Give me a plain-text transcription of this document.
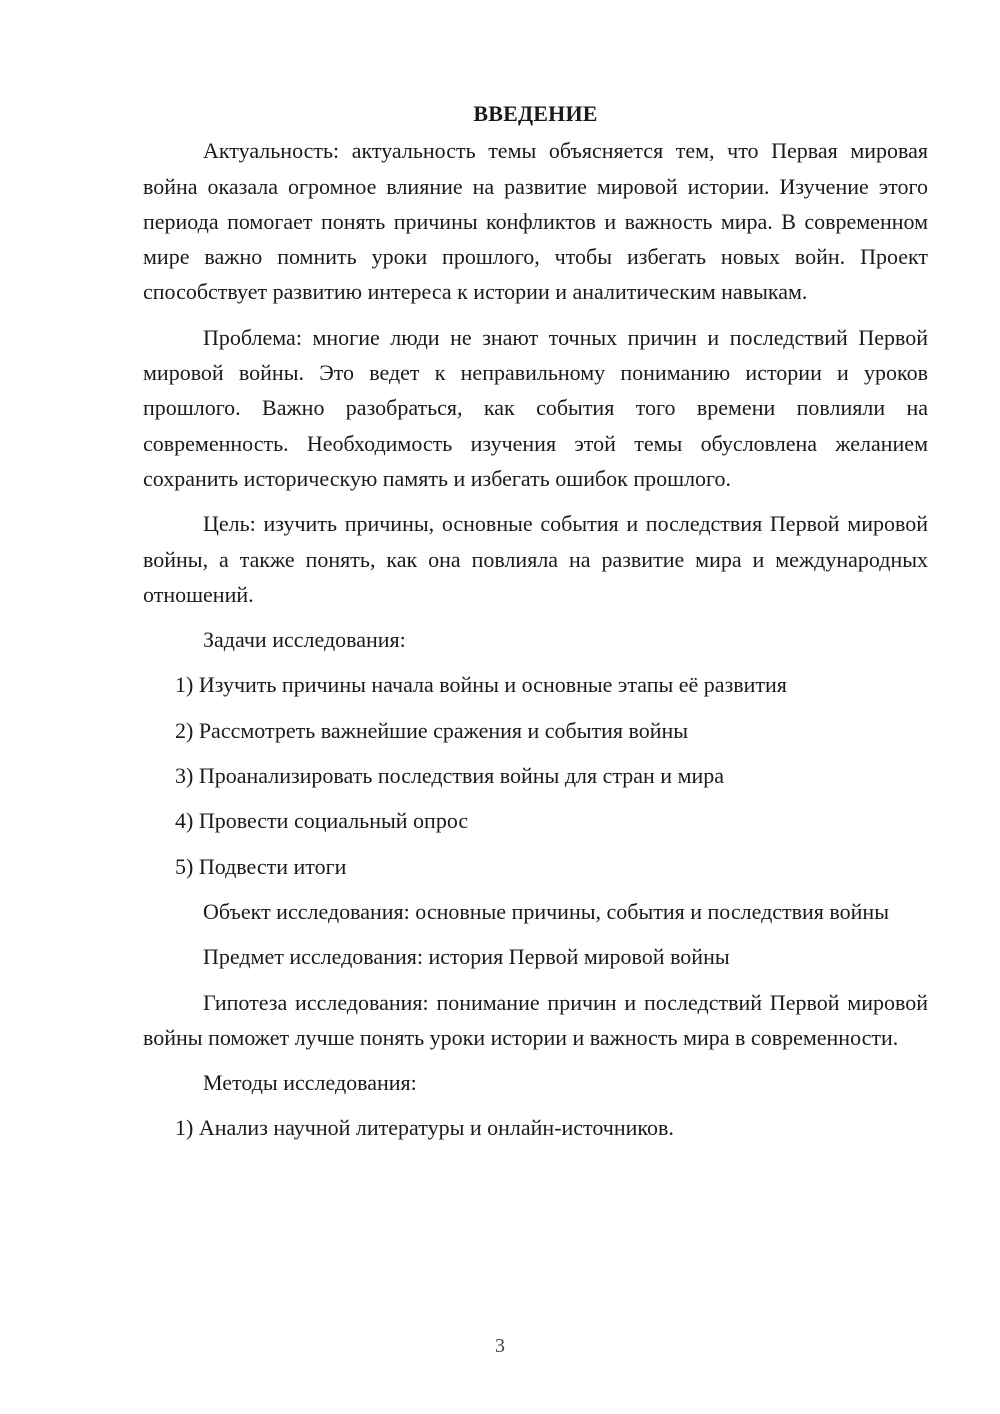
ВВЕДЕНИЕ

Актуальность: актуальность темы объясняется тем, что Первая мировая война оказала огромное влияние на развитие мировой истории. Изучение этого периода помогает понять причины конфликтов и важность мира. В современном мире важно помнить уроки прошлого, чтобы избегать новых войн. Проект способствует развитию интереса к истории и аналитическим навыкам.

Проблема: многие люди не знают точных причин и последствий Первой мировой войны. Это ведет к неправильному пониманию истории и уроков прошлого. Важно разобраться, как события того времени повлияли на современность. Необходимость изучения этой темы обусловлена желанием сохранить историческую память и избегать ошибок прошлого.

Цель: изучить причины, основные события и последствия Первой мировой войны, а также понять, как она повлияла на развитие мира и международных отношений.

Задачи исследования:

1) Изучить причины начала войны и основные этапы её развития
2) Рассмотреть важнейшие сражения и события войны
3) Проанализировать последствия войны для стран и мира
4) Провести социальный опрос
5) Подвести итоги

Объект исследования: основные причины, события и последствия войны

Предмет исследования: история Первой мировой войны

Гипотеза исследования: понимание причин и последствий Первой мировой войны поможет лучше понять уроки истории и важность мира в современности.

Методы исследования:

1) Анализ научной литературы и онлайн-источников.
3
